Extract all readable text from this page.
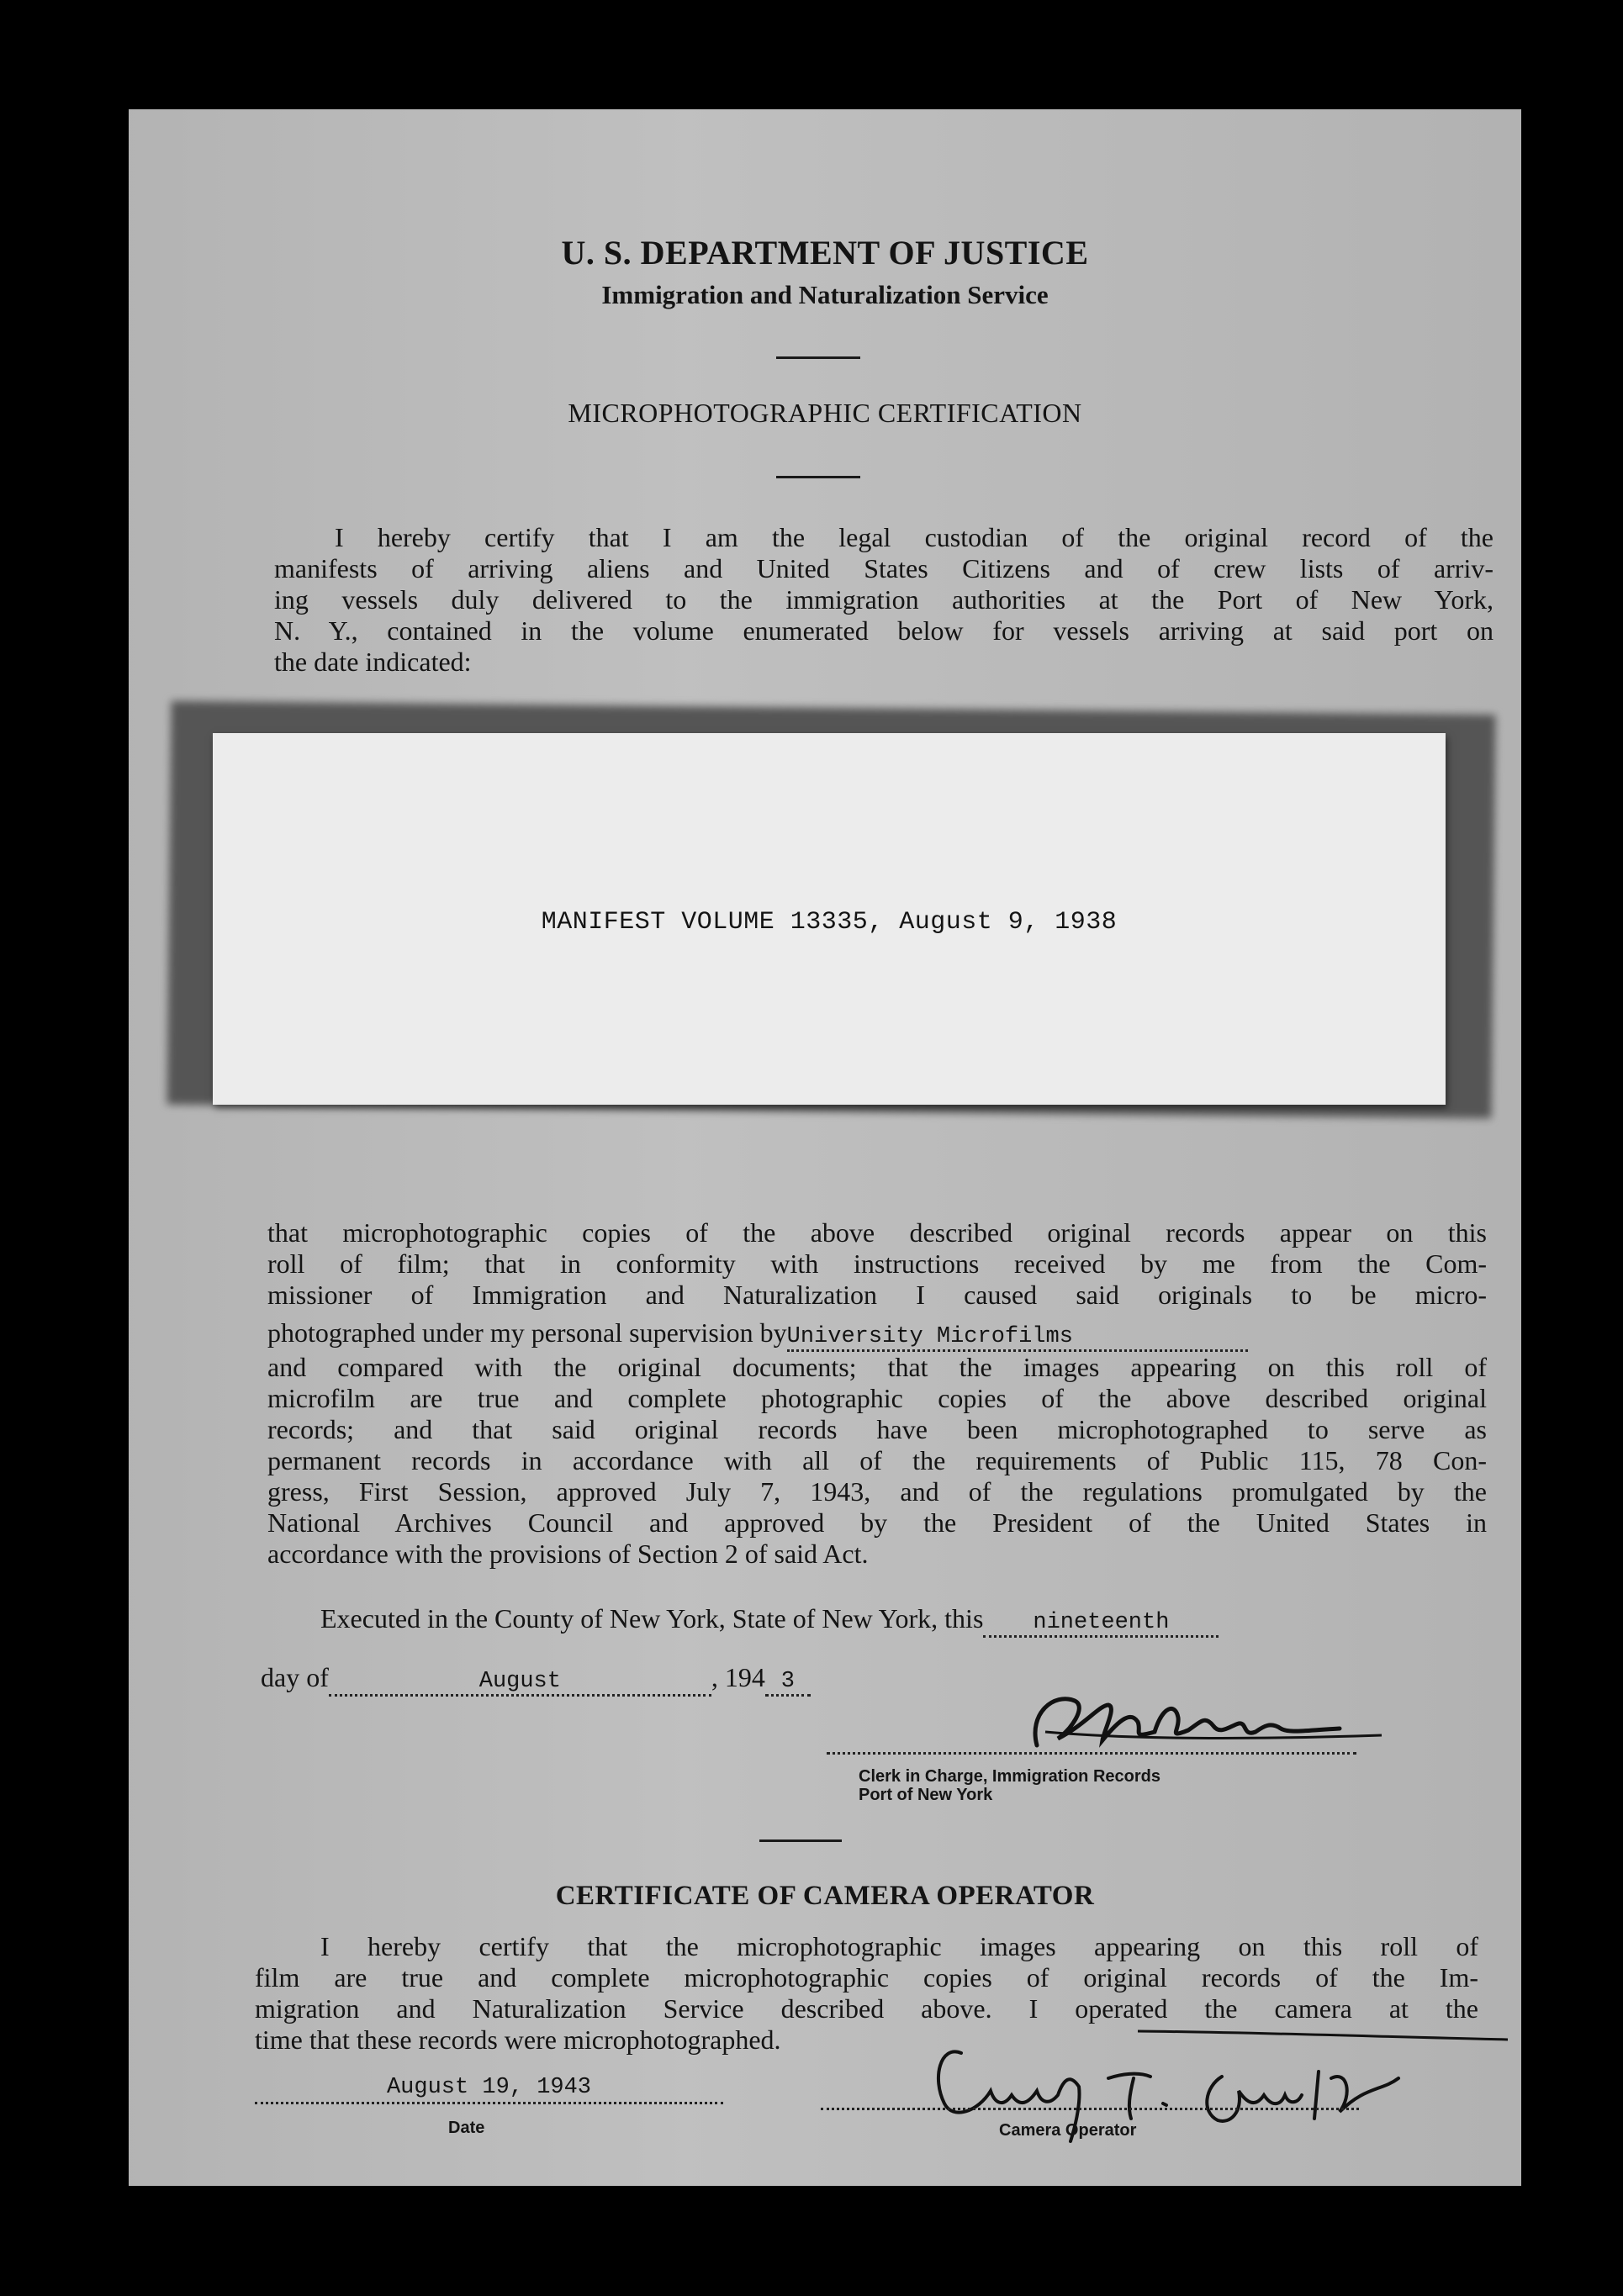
U. S. DEPARTMENT OF JUSTICE
Immigration and Naturalization Service
MICROPHOTOGRAPHIC CERTIFICATION
I hereby certify that I am the legal custodian of the original record of the
manifests of arriving aliens and United States Citizens and of crew lists of arriv-
ing vessels duly delivered to the immigration authorities at the Port of New York,
N. Y., contained in the volume enumerated below for vessels arriving at said port on
the date indicated:
MANIFEST VOLUME 13335, August 9, 1938
that microphotographic copies of the above described original records appear on this
roll of film; that in conformity with instructions received by me from the Com-
missioner of Immigration and Naturalization I caused said originals to be micro-
photographed under my personal supervision byUniversity Microfilms
and compared with the original documents; that the images appearing on this roll of
microfilm are true and complete photographic copies of the above described original
records; and that said original records have been microphotographed to serve as
permanent records in accordance with all of the requirements of Public 115, 78 Con-
gress, First Session, approved July 7, 1943, and of the regulations promulgated by the
National Archives Council and approved by the President of the United States in
accordance with the provisions of Section 2 of said Act.
Executed in the County of New York, State of New York, this nineteenth
day of	August	, 194 3
Clerk in Charge, Immigration Records
Port of New York
CERTIFICATE OF CAMERA OPERATOR
I hereby certify that the microphotographic images appearing on this roll of
film are true and complete microphotographic copies of original records of the Im-
migration and Naturalization Service described above. I operated the camera at the
time that these records were microphotographed.
August 19, 1943
Date	Camera Operator
